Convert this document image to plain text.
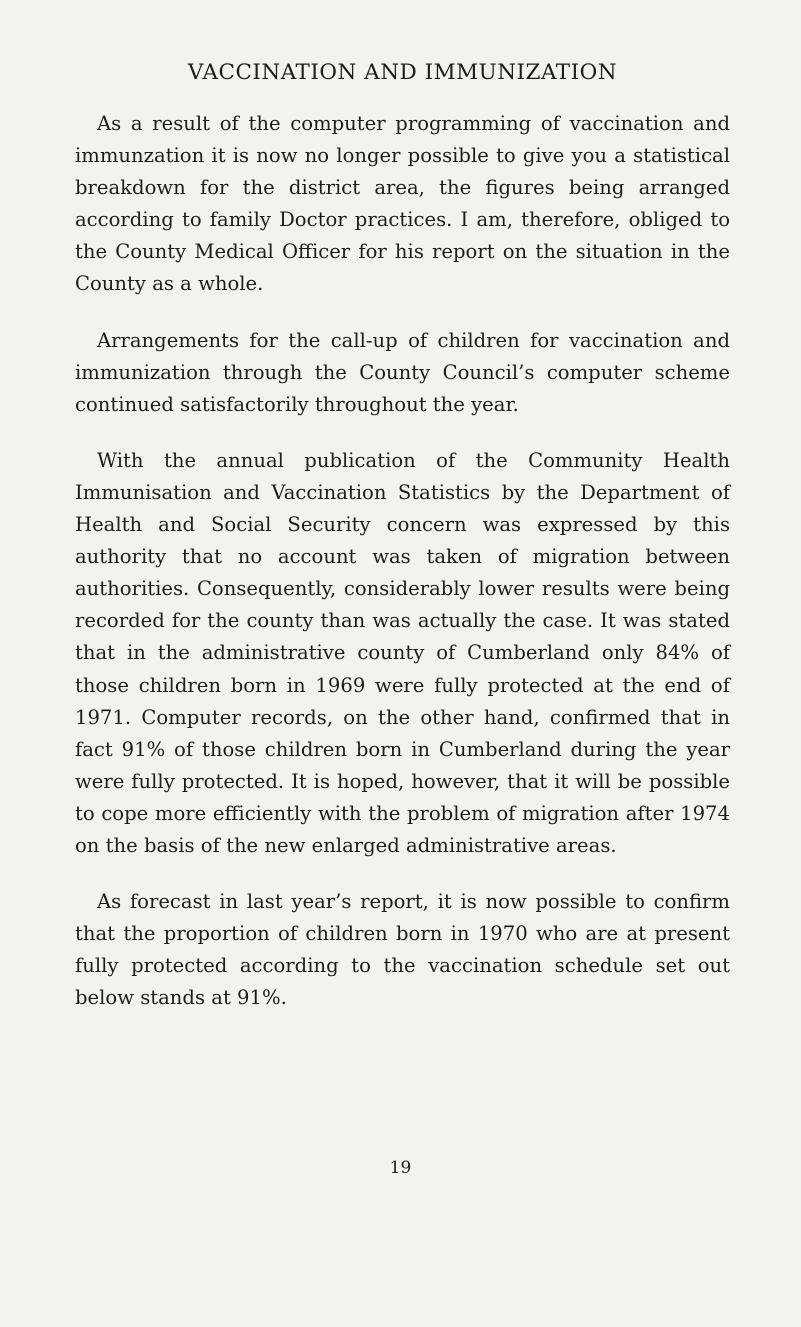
VACCINATION AND IMMUNIZATION

As a result of the computer programming of vaccination and immunzation it is now no longer possible to give you a statistical breakdown for the district area, the figures being arranged according to family Doctor practices. I am, therefore, obliged to the County Medical Officer for his report on the situation in the County as a whole.

Arrangements for the call-up of children for vaccination and immunization through the County Council’s computer scheme continued satisfactorily throughout the year.

With the annual publication of the Community Health Immunisation and Vaccination Statistics by the Department of Health and Social Security concern was expressed by this authority that no account was taken of migration between authorities. Consequently, considerably lower results were being recorded for the county than was actually the case. It was stated that in the administrative county of Cumberland only 84% of those children born in 1969 were fully protected at the end of 1971. Computer records, on the other hand, confirmed that in fact 91% of those children born in Cumberland during the year were fully protected. It is hoped, however, that it will be possible to cope more efficiently with the problem of migration after 1974 on the basis of the new enlarged administrative areas.

As forecast in last year’s report, it is now possible to confirm that the proportion of children born in 1970 who are at present fully protected according to the vaccination schedule set out below stands at 91%.

19
